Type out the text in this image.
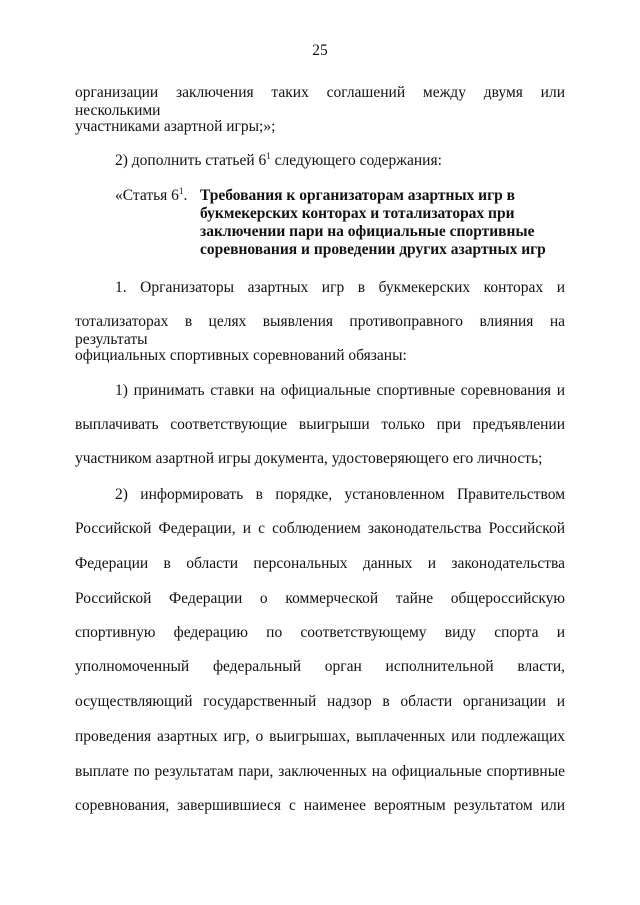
25
организации заключения таких соглашений между двумя или несколькими
участниками азартной игры;»;
2) дополнить статьей $6^1$ следующего содержания:
«Статья $6^1$. Требования к организаторам азартных игр в
букмекерских конторах и тотализаторах при
заключении пари на официальные спортивные
соревнования и проведении других азартных игр
1. Организаторы азартных игр в букмекерских конторах и
тотализаторах в целях выявления противоправного влияния на результаты
официальных спортивных соревнований обязаны:
1) принимать ставки на официальные спортивные соревнования и
выплачивать соответствующие выигрыши только при предъявлении
участником азартной игры документа, удостоверяющего его личность;
2) информировать в порядке, установленном Правительством
Российской Федерации, и с соблюдением законодательства Российской
Федерации в области персональных данных и законодательства
Российской Федерации о коммерческой тайне общероссийскую
спортивную федерацию по соответствующему виду спорта и
уполномоченный федеральный орган исполнительной власти,
осуществляющий государственный надзор в области организации и
проведения азартных игр, о выигрышах, выплаченных или подлежащих
выплате по результатам пари, заключенных на официальные спортивные
соревнования, завершившиеся с наименее вероятным результатом или
